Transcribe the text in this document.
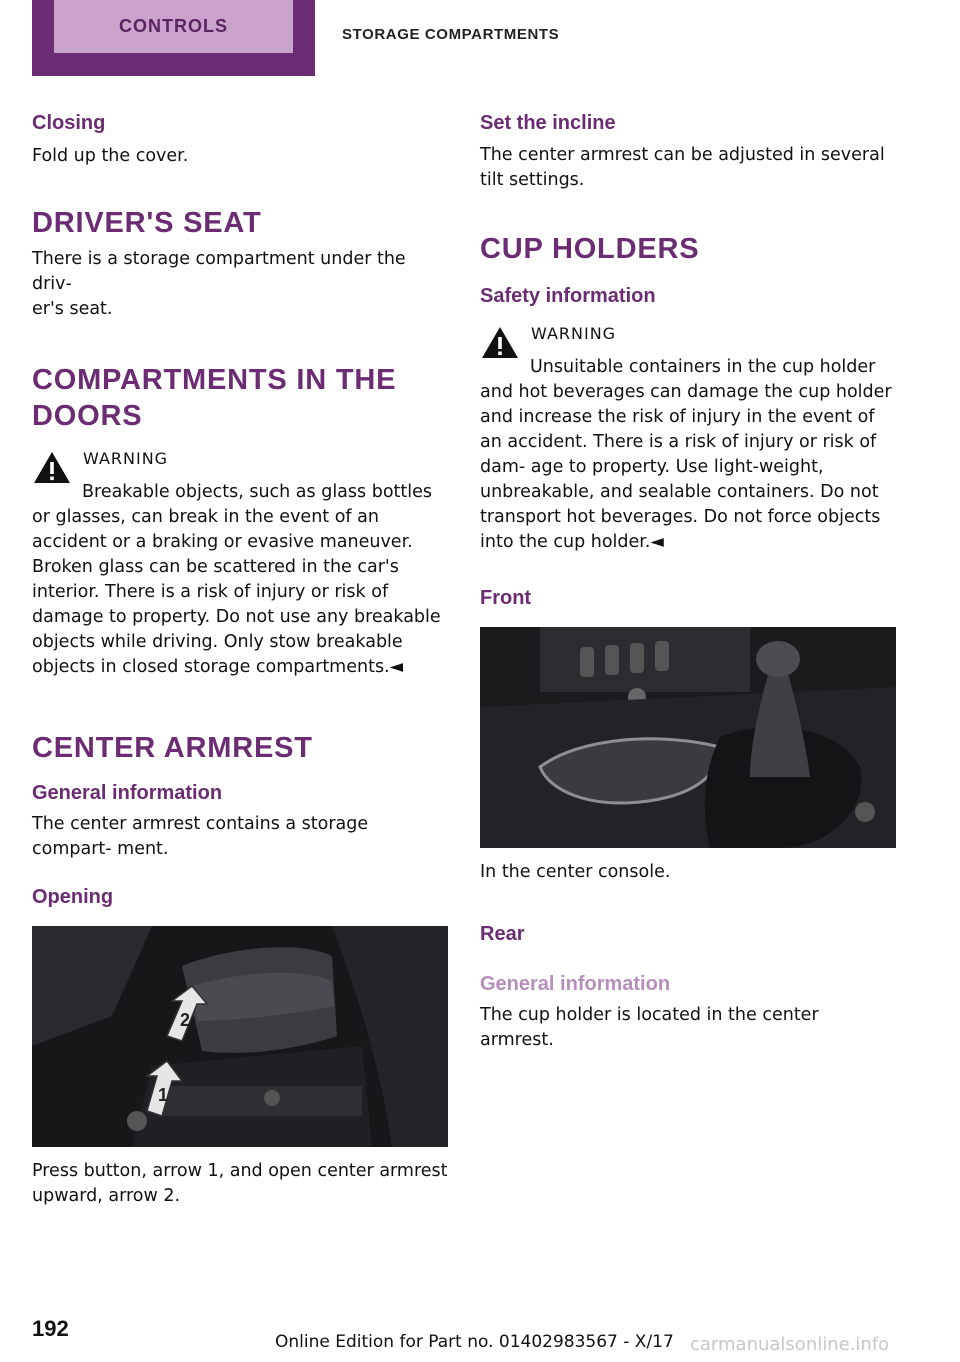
CONTROLS	STORAGE COMPARTMENTS
Closing
Fold up the cover.
DRIVER'S SEAT
There is a storage compartment under the driv‐
er's seat.
COMPARTMENTS IN THE
DOORS
WARNING
Breakable objects, such as glass bottles or glasses, can break in the event of an accident or a braking or evasive maneuver. Broken glass can be scattered in the car's interior. There is a risk of injury or risk of damage to property. Do not use any breakable objects while driving. Only stow breakable objects in closed storage compartments.◄
CENTER ARMREST
General information
The center armrest contains a storage compart‐ ment.
Opening
2
1
Press button, arrow 1, and open center armrest upward, arrow 2.
Set the incline
The center armrest can be adjusted in several tilt settings.
CUP HOLDERS
Safety information
WARNING
Unsuitable containers in the cup holder and hot beverages can damage the cup holder and increase the risk of injury in the event of an accident. There is a risk of injury or risk of dam‐ age to property. Use light-weight, unbreakable, and sealable containers. Do not transport hot beverages. Do not force objects into the cup holder.◄
Front
In the center console.
Rear
General information
The cup holder is located in the center armrest.
192
Online Edition for Part no. 01402983567 - X/17 carmanualsonline.info
